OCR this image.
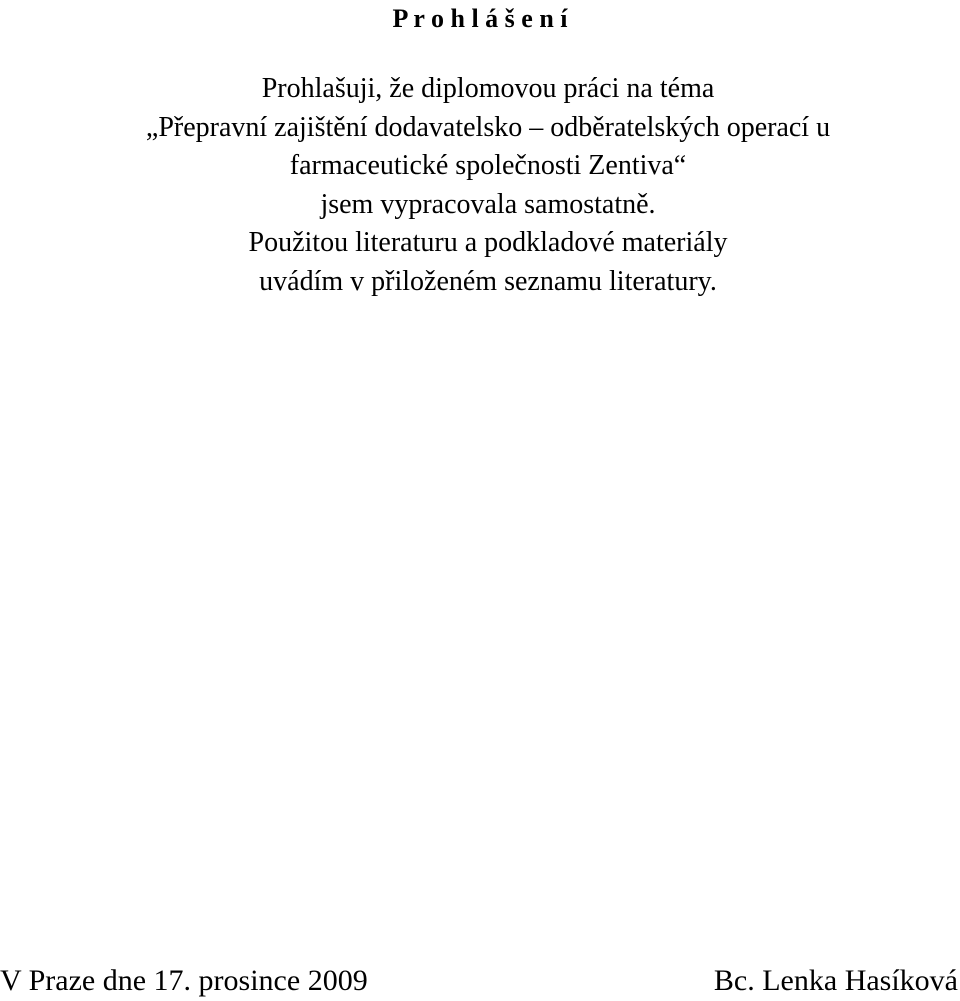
P r o h l á š e n í
Prohlašuji, že diplomovou práci na téma
„Přepravní zajištění dodavatelsko – odběratelských operací u
farmaceutické společnosti Zentiva“
jsem vypracovala samostatně.
Použitou literaturu a podkladové materiály
uvádím v přiloženém seznamu literatury.
V Praze dne 17. prosince 2009	Bc. Lenka Hasíková
